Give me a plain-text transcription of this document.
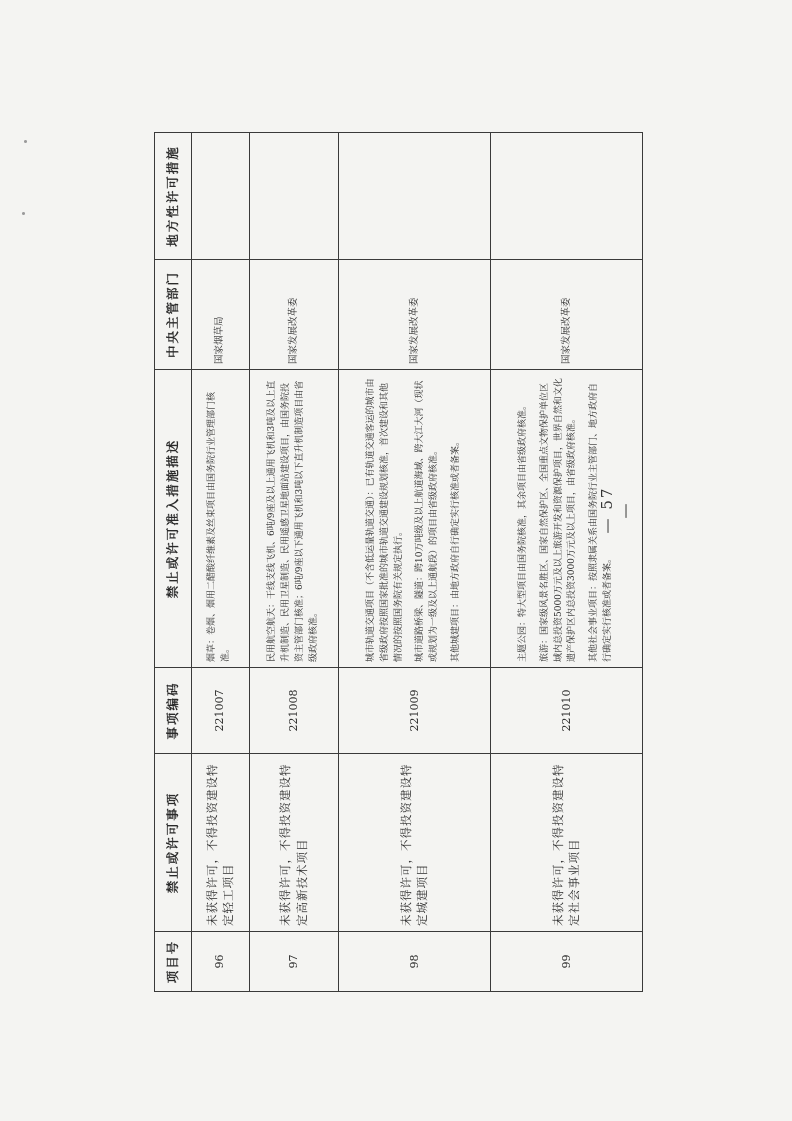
项目号	禁止或许可事项	事项编码	禁止或许可准入措施描述	中央主管部门	地方性许可措施
96	未获得许可，不得投资建设特定轻工项目	221007	烟草：卷烟、烟用二醋酸纤维素及丝束项目由国务院行业管理部门核准。	国家烟草局	
97	未获得许可，不得投资建设特定高新技术项目	221008	民用航空航天：干线支线飞机、6吨/9座及以上通用飞机和3吨及以上直升机制造、民用卫星制造、民用遥感卫星地面站建设项目，由国务院投资主管部门核准；6吨/9座以下通用飞机和3吨以下直升机制造项目由省级政府核准。	国家发展改革委	
98	未获得许可，不得投资建设特定城建项目	221009	城市轨道交通项目（不含低运量轨道交通）：已有轨道交通客运的城市由省级政府按照国家批准的城市轨道交通建设规划核准，首次建设和其他情况的按照国务院有关规定执行。 城市道路桥梁、隧道：跨10万吨级及以上航道海域、跨大江大河（现状或规划为一级及以上通航段）的项目由省级政府核准。 其他城建项目：由地方政府自行确定实行核准或者备案。	国家发展改革委	
99	未获得许可，不得投资建设特定社会事业项目	221010	主题公园：特大型项目由国务院核准，其余项目由省级政府核准。 旅游：国家级风景名胜区、国家自然保护区、全国重点文物保护单位区域内总投资5000万元及以上旅游开发和资源保护项目，世界自然和文化遗产保护区内总投资3000万元及以上项目，由省级政府核准。 其他社会事业项目：按照隶属关系由国务院行业主管部门、地方政府自行确定实行核准或者备案。	国家发展改革委	
— 57 —
